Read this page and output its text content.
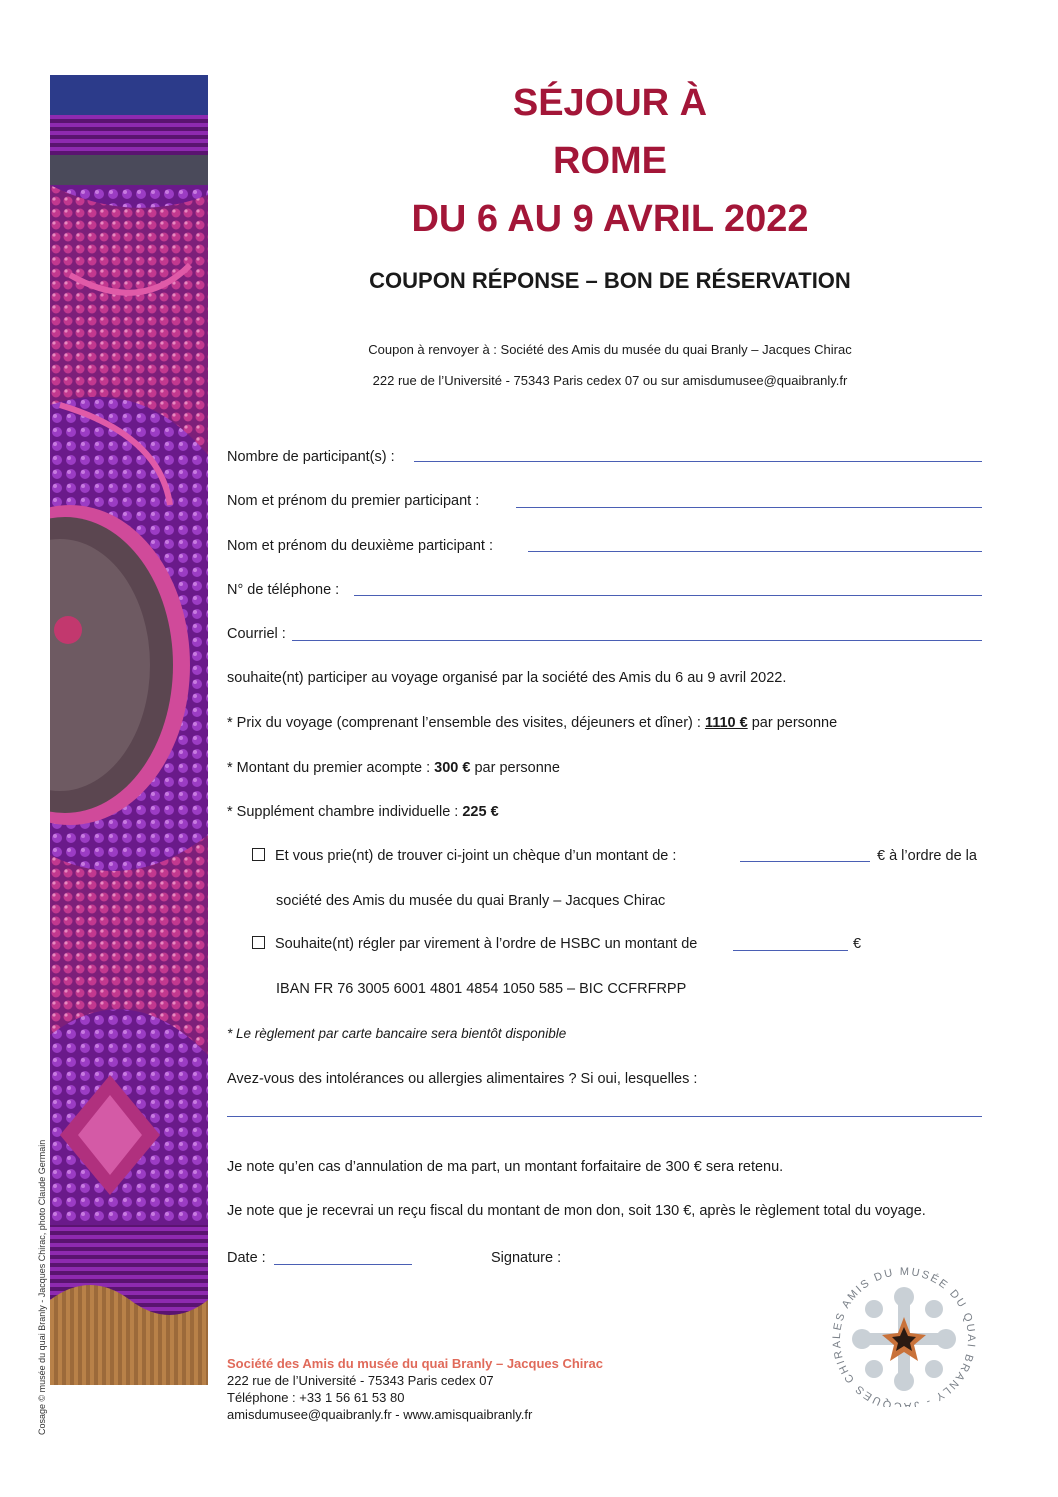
Cosage © musée du quai Branly - Jacques Chirac, photo Claude Germain
SÉJOUR À
ROME
DU 6 AU 9 AVRIL 2022
COUPON RÉPONSE – BON DE RÉSERVATION
Coupon à renvoyer à : Société des Amis du musée du quai Branly – Jacques Chirac
222 rue de l’Université - 75343 Paris cedex 07 ou sur amisdumusee@quaibranly.fr
Nombre de participant(s) :
Nom et prénom du premier participant :
Nom et prénom du deuxième participant :
N° de téléphone :
Courriel :
souhaite(nt) participer au voyage organisé par la société des Amis du 6 au 9 avril 2022.
* Prix du voyage (comprenant l’ensemble des visites, déjeuners et dîner) : 1110 € par personne
* Montant du premier acompte : 300 € par personne
* Supplément chambre individuelle : 225 €
Et vous prie(nt) de trouver ci-joint un chèque d’un montant de :	€ à l’ordre de la
société des Amis du musée du quai Branly – Jacques Chirac
Souhaite(nt) régler par virement à l’ordre de HSBC un montant de	€
IBAN FR 76 3005 6001 4801 4854 1050 585 – BIC CCFRFRPP
* Le règlement par carte bancaire sera bientôt disponible
Avez-vous des intolérances ou allergies alimentaires ? Si oui, lesquelles :
Je note qu’en cas d’annulation de ma part, un montant forfaitaire de 300 € sera retenu.
Je note que je recevrai un reçu fiscal du montant de mon don, soit 130 €, après le règlement total du voyage.
Date :	Signature :
Société des Amis du musée du quai Branly – Jacques Chirac
222 rue de l’Université - 75343 Paris cedex 07
Téléphone : +33 1 56 61 53 80
amisdumusee@quaibranly.fr - www.amisquaibranly.fr
LES AMIS DU MUSÉE DU QUAI BRANLY - JACQUES CHIRA
